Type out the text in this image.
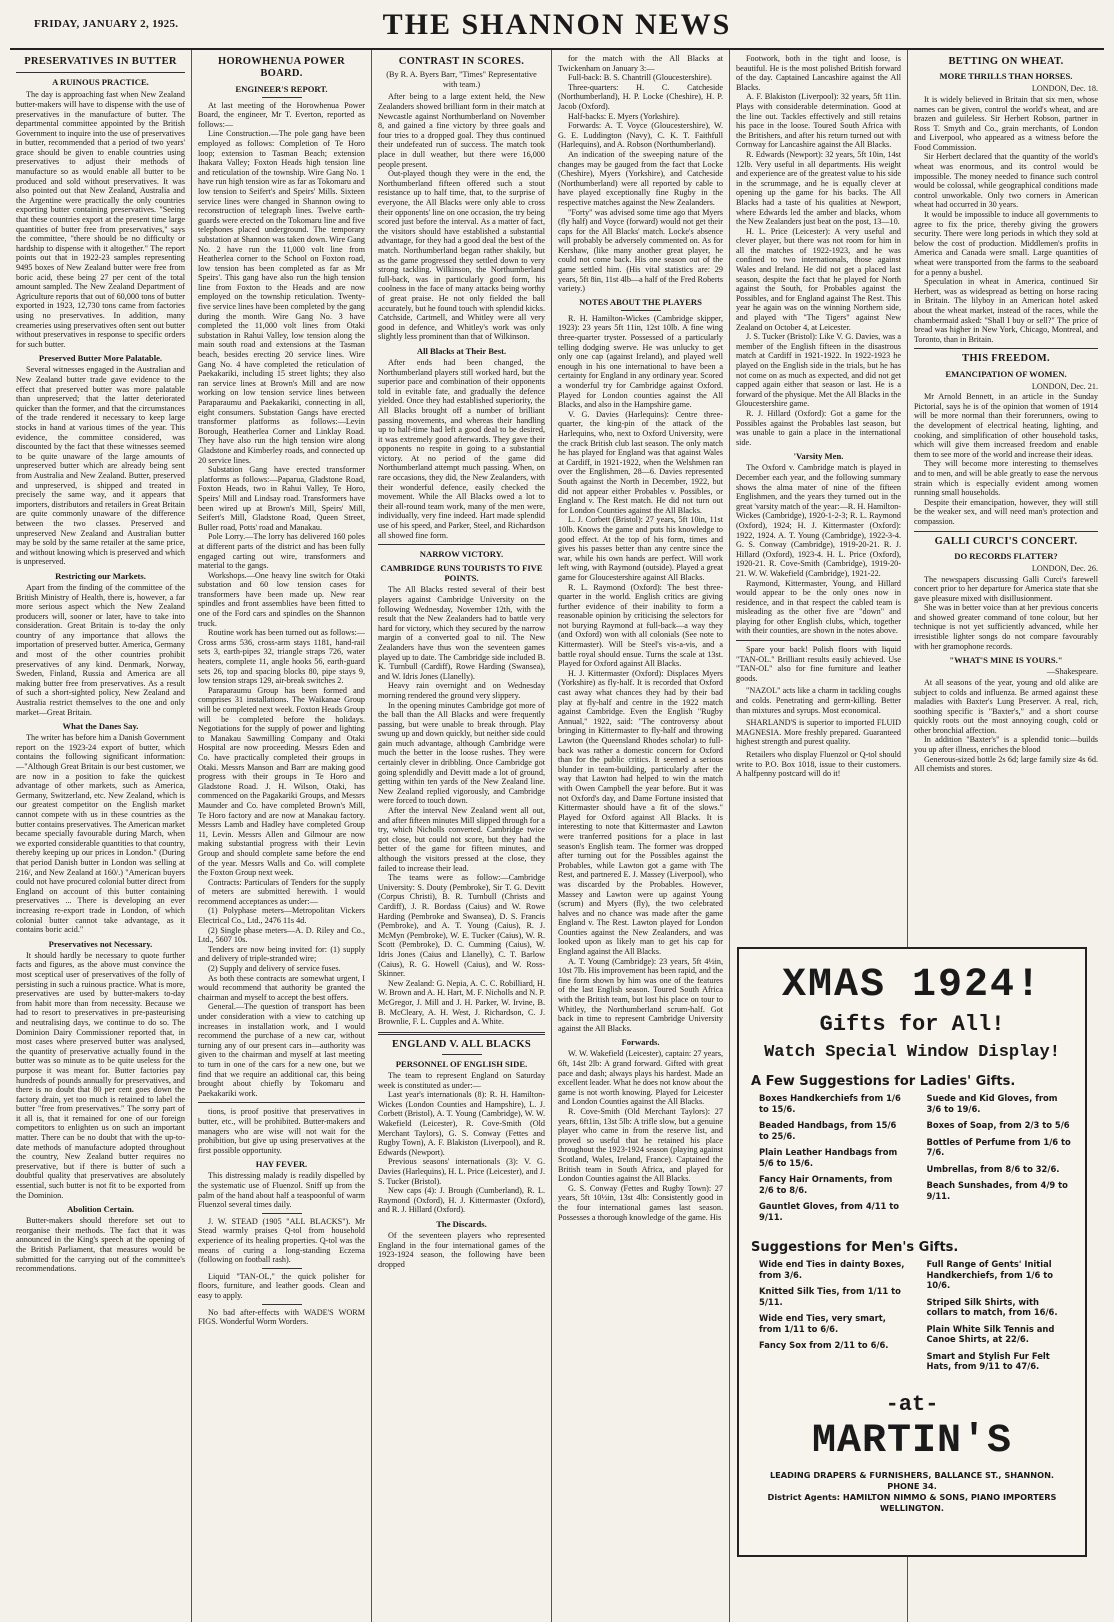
FRIDAY, JANUARY 2, 1925.	THE SHANNON NEWS
PRESERVATIVES IN BUTTER
A RUINOUS PRACTICE.

The day is approaching fast when New Zealand butter-makers will have to dispense with the use of preservatives in the manufacture of butter. The departmental committee appointed by the British Government to inquire into the use of preservatives in butter, recommended that a period of two years' grace should be given to enable countries using preservatives to adjust their methods of manufacture so as would enable all butter to be produced and sold without preservatives. It was also pointed out that New Zealand, Australia and the Argentine were practically the only countries exporting butter containing preservatives. "Seeing that these countries export at the present time large quantities of butter free from preservatives," says the committee, "there should be no difficulty or hardship to dispense with it altogether." The report points out that in 1922-23 samples representing 9495 boxes of New Zealand butter were free from boric acid, these being 27 per cent of the total amount sampled. The New Zealand Department of Agriculture reports that out of 60,000 tons of butter exported in 1923, 12,730 tons came from factories using no preservatives. In addition, many creameries using preservatives often sent out butter without preservatives in response to specific orders for such butter.

Preserved Butter More Palatable.

Several witnesses engaged in the Australian and New Zealand butter trade gave evidence to the effect that preserved butter was more palatable than unpreserved; that the latter deteriorated quicker than the former, and that the circumstances of the trade rendered it necessary to keep large stocks in hand at various times of the year. This evidence, the committee considered, was discounted by the fact that these witnesses seemed to be quite unaware of the large amounts of unpreserved butter which are already being sent from Australia and New Zealand. Butter, preserved and unpreserved, is shipped and treated in precisely the same way, and it appears that importers, distributors and retailers in Great Britain are quite commonly unaware of the difference between the two classes. Preserved and unpreserved New Zealand and Australian butter may be sold by the same retailer at the same price, and without knowing which is preserved and which is unpreserved.

Restricting our Markets.

Apart from the finding of the committee of the British Ministry of Health, there is, however, a far more serious aspect which the New Zealand producers will, sooner or later, have to take into consideration. Great Britain is to-day the only country of any importance that allows the importation of preserved butter. America, Germany and most of the other countries prohibit preservatives of any kind. Denmark, Norway, Sweden, Finland, Russia and America are all making butter free from preservatives. As a result of such a short-sighted policy, New Zealand and Australia restrict themselves to the one and only market—Great Britain.

What the Danes Say.

The writer has before him a Danish Government report on the 1923-24 export of butter, which contains the following significant information:—"Although Great Britain is our best customer, we are now in a position to fake the quickest advantage of other markets, such as America, Germany, Switzerland, etc. New Zealand, which is our greatest competitor on the English market cannot compete with us in these countries as the butter contains preservatives. The American market became specially favourable during March, when we exported considerable quantities to that country, thereby keeping up our prices in London." (During that period Danish butter in London was selling at 216/, and New Zealand at 160/.) "American buyers could not have procured colonial butter direct from England on account of this butter containing preservatives ... There is developing an ever increasing re-export trade in London, of which colonial butter cannot take advantage, as it contains boric acid."

Preservatives not Necessary.

It should hardly be necessary to quote further facts and figures, as the above must convince the most sceptical user of preservatives of the folly of persisting in such a ruinous practice. What is more, preservatives are used by butter-makers to-day from habit more than from necessity. Because we had to resort to preservatives in pre-pasteurising and neutralising days, we continue to do so. The Dominion Dairy Commissioner reported that, in most cases where preserved butter was analysed, the quantity of preservative actually found in the butter was so minute as to be quite useless for the purpose it was meant for. Butter factories pay hundreds of pounds annually for preservatives, and there is no doubt that 80 per cent goes down the factory drain, yet too much is retained to label the butter "free from preservatives." The sorry part of it all is, that it remained for one of our foreign competitors to enlighten us on such an important matter. There can be no doubt that with the up-to-date methods of manufacture adopted throughout the country, New Zealand butter requires no preservative, but if there is butter of such a doubtful quality that preservatives are absolutely essential, such butter is not fit to be exported from the Dominion.

Abolition Certain.

Butter-makers should therefore set out to reorganise their methods. The fact that it was announced in the King's speech at the opening of the British Parliament, that measures would be submitted for the carrying out of the committee's recommendations.

HOROWHENUA POWER BOARD.
ENGINEER'S REPORT.

At last meeting of the Horowhenua Power Board, the engineer, Mr T. Everton, reported as follows:—

Line Construction.—The pole gang have been employed as follows: Completion of Te Horo loop; extension to Tasman Beach; extension Ihakara Valley; Foxton Heads high tension line and reticulation of the township. Wire Gang No. 1 have run high tension wire as far as Tokomaru and low tension to Seifert's and Speirs' Mills. Sixteen service lines were changed in Shannon owing to reconstruction of telegraph lines. Twelve earth-guards were erected on the Tokomaru line and five telephones placed underground. The temporary substation at Shannon was taken down. Wire Gang No. 2 have run the 11,000 volt line from Heatherlea corner to the School on Foxton road, low tension has been completed as far as Mr Speirs'. This gang have also run the high tension line from Foxton to the Heads and are now employed on the township reticulation. Twenty-five service lines have been completed by the gang during the month. Wire Gang No. 3 have completed the 11,000 volt lines from Otaki substation in Rahui Valley, low tension along the main south road and extensions at the Tasman beach, besides erecting 20 service lines. Wire Gang No. 4 have completed the reticulation of Paekakariki, including 15 street lights; they also ran service lines at Brown's Mill and are now working on low tension service lines between Paraparaumu and Paekakariki, connecting in all, eight consumers. Substation Gangs have erected transformer platforms as follows:—Levin Borough, Heatherlea Corner and Linklay Road. They have also run the high tension wire along Gladstone and Kimberley roads, and connected up 20 service lines.

Substation Gang have erected transformer platforms as follows:—Paparua, Gladstone Road, Foxton Heads, two in Rahui Valley, Te Horo, Speirs' Mill and Lindsay road. Transformers have been wired up at Brown's Mill, Speirs' Mill, Seifert's Mill, Gladstone Road, Queen Street, Buller road, Potts' road and Manakau.

Pole Lorry.—The lorry has delivered 160 poles at different parts of the district and has been fully engaged carting out wire, transformers and material to the gangs.

Workshops.—One heavy line switch for Otaki substation and 60 low tension cases for transformers have been made up. New rear spindles and front assemblies have been fitted to one of the Ford cars and spindles on the Shannon truck.

Routine work has been turned out as follows:—Cross arms 536, cross-arm stays 1181, hand-rail sets 3, earth-pipes 32, triangle straps 726, water heaters, complete 11, angle hooks 56, earth-guard sets 26, top and spacing blocks 80, pipe stays 9, low tension straps 129, air-break switches 2.

Paraparaumu Group has been formed and comprises 31 installations. The Waikanae Group will be completed next week. Foxton Heads Group will be completed before the holidays. Negotiations for the supply of power and lighting to Manakau Sawmilling Company and Otaki Hospital are now proceeding. Messrs Eden and Co. have practically completed their groups in Otaki. Messrs Manson and Barr are making good progress with their groups in Te Horo and Gladstone Road. J. H. Wilson, Otaki, has commenced on the Pagakariki Groups, and Messrs Maunder and Co. have completed Brown's Mill, Te Horo factory and are now at Manakau factory. Messrs Lamb and Hadley have completed Group 11, Levin. Messrs Allen and Gilmour are now making substantial progress with their Levin Group and should complete same before the end of the year. Messrs Walls and Co. will complete the Foxton Group next week.

Contracts: Particulars of Tenders for the supply of meters are submitted herewith. I would recommend acceptances as under:—

(1) Polyphase meters—Metropolitan Vickers Electrical Co., Ltd., 2476 11s 4d.

(2) Single phase meters—A. D. Riley and Co., Ltd., 5607 10s.

Tenders are now being invited for: (1) supply and delivery of triple-stranded wire;

(2) Supply and delivery of service fuses.

As both these contracts are somewhat urgent, I would recommend that authority be granted the chairman and myself to accept the best offers.

General.—The question of transport has been under consideration with a view to catching up increases in installation work, and I would recommend the purchase of a new car, without turning any of our present cars in—authority was given to the chairman and myself at last meeting to turn in one of the cars for a new one, but we find that we require an additional car, this being brought about chiefly by Tokomaru and Paekakariki work.

tions, is proof positive that preservatives in butter, etc., will be prohibited. Butter-makers and managers who are wise will not wait for the prohibition, but give up using preservatives at the first possible opportunity.

HAY FEVER.

This distressing malady is readily dispelled by the systematic use of Fluenzol. Sniff up from the palm of the hand about half a teaspoonful of warm Fluenzol several times daily.

J. W. STEAD (1905 "ALL BLACKS"). Mr Stead warmly praises Q-tol from household experience of its healing properties. Q-tol was the means of curing a long-standing Eczema (following on football rash).

Liquid "TAN-OL," the quick polisher for floors, furniture, and leather goods. Clean and easy to apply.

No bad after-effects with WADE'S WORM FIGS. Wonderful Worm Worders.

CONTRAST IN SCORES.
(By R. A. Byers Barr, "Times" Representative with team.)

After being to a large extent held, the New Zealanders showed brilliant form in their match at Newcastle against Northumberland on November 8, and gained a fine victory by three goals and four tries to a dropped goal. They thus continued their undefeated run of success. The match took place in dull weather, but there were 16,000 people present.

Out-played though they were in the end, the Northumberland fifteen offered such a stout resistance up to half time, that, to the surprise of everyone, the All Blacks were only able to cross their opponents' line on one occasion, the try being scored just before the interval. As a matter of fact, the visitors should have established a substantial advantage, for they had a good deal the best of the match. Northumberland began rather shakily, but as the game progressed they settled down to very strong tackling. Wilkinson, the Northumberland full-back, was in particularly good form, his coolness in the face of many attacks being worthy of great praise. He not only fielded the ball accurately, but he found touch with splendid kicks. Catchside, Cartmell, and Whitley were all very good in defence, and Whitley's work was only slightly less prominent than that of Wilkinson.

All Blacks at Their Best.

After ends had been changed, the Northumberland players still worked hard, but the superior pace and combination of their opponents told in evitable fate, and gradually the defence yielded. Once they had established superiority, the All Blacks brought off a number of brilliant passing movements, and whereas their handling up to half-time had left a good deal to be desired, it was extremely good afterwards. They gave their opponents no respite in going to a substantial victory. At no period of the game did Northumberland attempt much passing. When, on rare occasions, they did, the New Zealanders, with their wonderful defence, easily checked the movement. While the All Blacks owed a lot to their all-round team work, many of the men were, individually, very fine indeed. Hart made splendid use of his speed, and Parker, Steel, and Richardson all showed fine form.

NARROW VICTORY.
CAMBRIDGE RUNS TOURISTS TO FIVE POINTS.

The All Blacks rested several of their best players against Cambridge University on the following Wednesday, November 12th, with the result that the New Zealanders had to battle very hard for victory, which they secured by the narrow margin of a converted goal to nil. The New Zealanders have thus won the seventeen games played up to date. The Cambridge side included B. K. Turnbull (Cardiff), Rowe Harding (Swansea), and W. Idris Jones (Llanelly).

Heavy rain overnight and on Wednesday morning rendered the ground very slippery.

In the opening minutes Cambridge got more of the ball than the All Blacks and were frequently passing, but were unable to break through. Play swung up and down quickly, but neither side could gain much advantage, although Cambridge were much the better in the loose rushes. They were certainly clever in dribbling. Once Cambridge got going splendidly and Devitt made a lot of ground, getting within ten yards of the New Zealand line. New Zealand replied vigorously, and Cambridge were forced to touch down.

After the interval New Zealand went all out, and after fifteen minutes Mill slipped through for a try, which Nicholls converted. Cambridge twice got close, but could not score, but they had the better of the game for fifteen minutes, and although the visitors pressed at the close, they failed to increase their lead.

The teams were as follow:—Cambridge University: S. Douty (Pembroke), Sir T. G. Devitt (Corpus Christi), B. R. Turnbull (Christs and Cardiff), J. R. Bordass (Caius) and W. Rowe Harding (Pembroke and Swansea), D. S. Francis (Pembroke), and A. T. Young (Caius), R. J. McMyn (Pembroke), W. E. Tucker (Caius), W. R. Scott (Pembroke), D. C. Cumming (Caius), W. Idris Jones (Caius and Llanelly), C. T. Barlow (Caius), R. G. Howell (Caius), and W. Ross-Skinner.

New Zealand: G. Nepia, A. C. C. Robilliard, H. W. Brown and A. H. Hart, M. F. Nicholls and N. P. McGregor, J. Mill and J. H. Parker, W. Irvine, B. B. McCleary, A. H. West, J. Richardson, C. J. Brownlie, F. L. Cupples and A. White.

ENGLAND V. ALL BLACKS
PERSONNEL OF ENGLISH SIDE.

The team to represent England on Saturday week is constituted as under:—

Last year's internationals (8): R. H. Hamilton-Wickes (London Counties and Hampshire), L. J. Corbett (Bristol), A. T. Young (Cambridge), W. W. Wakefield (Leicester), R. Cove-Smith (Old Merchant Taylors), G. S. Conway (Fettes and Rugby Town), A. F. Blakiston (Liverpool), and R. Edwards (Newport).

Previous seasons' internationals (3): V. G. Davies (Harlequins), H. L. Price (Leicester), and J. S. Tucker (Bristol).

New caps (4): J. Brough (Cumberland), R. L. Raymond (Oxford), H. J. Kittermaster (Oxford), and R. J. Hillard (Oxford).

The Discards.

Of the seventeen players who represented England in the four international games of the 1923-1924 season, the following have been dropped

for the match with the All Blacks at Twickenham on January 3:—

Full-back: B. S. Chantrill (Gloucestershire).

Three-quarters: H. C. Catcheside (Northumberland), H. P. Locke (Cheshire), H. P. Jacob (Oxford).

Half-backs: E. Myers (Yorkshire).

Forwards: A. T. Voyce (Gloucestershire), W. G. E. Luddington (Navy), C. K. T. Faithfull (Harlequins), and A. Robson (Northumberland).

An indication of the sweeping nature of the changes may be gauged from the fact that Locke (Cheshire), Myers (Yorkshire), and Catcheside (Northumberland) were all reported by cable to have played exceptionally fine Rugby in the respective matches against the New Zealanders.

"Forty" was advised some time ago that Myers (fly half) and Voyce (forward) would not get their caps for the All Blacks' match. Locke's absence will probably be adversely commented on. As for Kershaw, (like many another great player, he could not come back. His one season out of the game settled him. (His vital statistics are: 29 years, 5ft 8in, 11st 4lb—a half of the Fred Roberts variety.)

NOTES ABOUT THE PLAYERS

R. H. Hamilton-Wickes (Cambridge skipper, 1923): 23 years 5ft 11in, 12st 10lb. A fine wing three-quarter tryster. Possessed of a particularly telling dodging swerve. He was unlucky to get only one cap (against Ireland), and played well enough in his one international to have been a certainty for England in any ordinary year. Scored a wonderful try for Cambridge against Oxford. Played for London counties against the All Blacks, and also in the Hampshire game.

V. G. Davies (Harlequins): Centre three-quarter, the king-pin of the attack of the Harlequins, who, next to Oxford University, were the crack British club last season. The only match he has played for England was that against Wales at Cardiff, in 1921-1922, when the Welshmen ran over the Englishmen, 28—6. Davies represented South against the North in December, 1922, but did not appear either Probables v. Possibles, or England v. The Rest match. He did not turn out for London Counties against the All Blacks.

L. J. Corbett (Bristol): 27 years, 5ft 10in, 11st 10lb. Knows the game and puts his knowledge to good effect. At the top of his form, times and gives his passes better than any centre since the war, while his own hands are perfect. Will work left wing, with Raymond (outside). Played a great game for Gloucestershire against All Blacks.

R. L. Raymond (Oxford): The best three-quarter in the world. English critics are giving further evidence of their inability to form a reasonable opinion by criticising the selectors for not burying Raymond at full-back—a way they (and Oxford) won with all colonials (See note to Kittermaster). Will be Steel's vis-a-vis, and a battle royal should ensue. Turns the scale at 13st. Played for Oxford against All Blacks.

H. J. Kittermaster (Oxford): Displaces Myers (Yorkshire) as fly-half. It is recorded that Oxford cast away what chances they had by their bad play at fly-half and centre in the 1922 match against Cambridge. Even the English "Rugby Annual," 1922, said: "The controversy about bringing in Kittermaster to fly-half and throwing Lawton (the Queensland Rhodes scholar) to full-back was rather a domestic concern for Oxford than for the public critics. It seemed a serious blunder in team-building, particularly after the way that Lawton had helped to win the match with Owen Campbell the year before. But it was not Oxford's day, and Dame Fortune insisted that Kittermaster should have a fit of the slows." Played for Oxford against All Blacks. It is interesting to note that Kittermaster and Lawton were tranferred positions for a place in last season's English team. The former was dropped after turning out for the Possibles against the Probables, while Lawton got a game with The Rest, and partnered E. J. Massey (Liverpool), who was discarded by the Probables. However, Massey and Lawton were up against Young (scrum) and Myers (fly), the two celebrated halves and no chance was made after the game England v. The Rest. Lawton played for London Counties against the New Zealanders, and was looked upon as likely man to get his cap for England against the All Blacks.

A. T. Young (Cambridge): 23 years, 5ft 4½in, 10st 7lb. His improvement has been rapid, and the fine form shown by him was one of the features of the last English season. Toured South Africa with the British team, but lost his place on tour to Whitley, the Northumberland scrum-half. Got back in time to represent Cambridge University against the All Blacks.

Forwards.

W. W. Wakefield (Leicester), captain: 27 years, 6ft, 14st 2lb: A grand forward. Gifted with great pace and dash; always plays his hardest. Made an excellent leader. What he does not know about the game is not worth knowing. Played for Leicester and London Counties against the All Blacks.

R. Cove-Smith (Old Merchant Taylors): 27 years, 6ft1in, 13st 5lb: A trifle slow, but a genuine player who came in from the reserve list, and proved so useful that he retained his place throughout the 1923-1924 season (playing against Scotland, Wales, Ireland, France). Captained the British team in South Africa, and played for London Counties against the All Blacks.

G. S. Conway (Fettes and Rugby Town): 27 years, 5ft 10½in, 13st 4lb: Consistently good in the four international games last season. Possesses a thorough knowledge of the game. His

Footwork, both in the tight and loose, is beautiful. He is the most polished British forward of the day. Captained Lancashire against the All Blacks.

A. F. Blakiston (Liverpool): 32 years, 5ft 11in. Plays with considerable determination. Good at the line out. Tackles effectively and still retains his pace in the loose. Toured South Africa with the Britishers, and after his return turned out with Cornway for Lancashire against the All Blacks.

R. Edwards (Newport): 32 years, 5ft 10in, 14st 12lb. Very useful in all departments. His weight and experience are of the greatest value to his side in the scrummage, and he is equally clever at opening up the game for his backs. The All Blacks had a taste of his qualities at Newport, where Edwards led the amber and blacks, whom the New Zealanders just beat on the post, 13—10.

H. L. Price (Leicester): A very useful and clever player, but there was not room for him in all the matches of 1922-1923, and he was confined to two internationals, those against Wales and Ireland. He did not get a placed last season, despite the fact that he played for North against the South, for Probables against the Possibles, and for England against The Rest. This year he again was on the winning Northern side, and played with "The Tigers" against New Zealand on October 4, at Leicester.

J. S. Tucker (Bristol): Like V. G. Davies, was a member of the English fifteen in the disastrous match at Cardiff in 1921-1922. In 1922-1923 he played on the English side in the trials, but he has not come on as much as expected, and did not get capped again either that season or last. He is a forward of the physique. Met the All Blacks in the Gloucestershire game.

R. J. Hillard (Oxford): Got a game for the Possibles against the Probables last season, but was unable to gain a place in the international side.

'Varsity Men.

The Oxford v. Cambridge match is played in December each year, and the following summary shows the alma mater of nine of the fifteen Englishmen, and the years they turned out in the great 'varsity match of the year:—R. H. Hamilton-Wickes (Cambridge), 1920-1-2-3; R. L. Raymond (Oxford), 1924; H. J. Kittermaster (Oxford): 1922, 1924. A. T. Young (Cambridge), 1922-3-4. G. S. Conway (Cambridge), 1919-20-21. R. J. Hillard (Oxford), 1923-4. H. L. Price (Oxford), 1920-21. R. Cove-Smith (Cambridge), 1919-20-21. W. W. Wakefield (Cambridge), 1921-22.

Raymond, Kittermaster, Young, and Hillard would appear to be the only ones now in residence, and in that respect the cabled team is misleading as the other five are "down" and playing for other English clubs, which, together with their counties, are shown in the notes above.

Spare your back! Polish floors with liquid "TAN-OL." Brilliant results easily achieved. Use "TAN-OL" also for fine furniture and leather goods.

"NAZOL" acts like a charm in tackling coughs and colds. Penetrating and germ-killing. Better than mixtures and syrups. Most economical.

SHARLAND'S is superior to imported FLUID MAGNESIA. More freshly prepared. Guaranteed highest strength and purest quality.

Retailers who display Fluenzol or Q-tol should write to P.O. Box 1018, issue to their customers. A halfpenny postcard will do it!

BETTING ON WHEAT.
MORE THRILLS THAN HORSES.
LONDON, Dec. 18.

It is widely believed in Britain that six men, whose names can be given, control the world's wheat, and are brazen and guileless. Sir Herbert Robson, partner in Ross T. Smyth and Co., grain merchants, of London and Liverpool, who appeared as a witness before the Food Commission.

Sir Herbert declared that the quantity of the world's wheat was enormous, and its control would be impossible. The money needed to finance such control would be colossal, while geographical conditions made control unworkable. Only two corners in American wheat had occurred in 30 years.

It would be impossible to induce all governments to agree to fix the price, thereby giving the growers security. There were long periods in which they sold at below the cost of production. Middlemen's profits in America and Canada were small. Large quantities of wheat were transported from the farms to the seaboard for a penny a bushel.

Speculation in wheat in America, continued Sir Herbert, was as widespread as betting on horse racing in Britain. The lilyboy in an American hotel asked about the wheat market, instead of the races, while the chambermaid asked: "Shall I buy or sell?" The price of bread was higher in New York, Chicago, Montreal, and Toronto, than in Britain.

THIS FREEDOM.
EMANCIPATION OF WOMEN.
LONDON, Dec. 21.

Mr Arnold Bennett, in an article in the Sunday Pictorial, says he is of the opinion that women of 1914 will be more normal than their forerunners, owing to the development of electrical heating, lighting, and cooking, and simplification of other household tasks, which will give them increased freedom and enable them to see more of the world and increase their ideas.

They will become more interesting to themselves and to men, and will be able greatly to ease the nervous strain which is especially evident among women running small households.

Despite their emancipation, however, they will still be the weaker sex, and will need man's protection and compassion.

GALLI CURCI'S CONCERT.
DO RECORDS FLATTER?
LONDON, Dec. 26.

The newspapers discussing Galli Curci's farewell concert prior to her departure for America state that she gave pleasure mixed with disillusionment.

She was in better voice than at her previous concerts and showed greater command of tone colour, but her technique is not yet sufficiently advanced, while her irresistible lighter songs do not compare favourably with her gramophone records.

"WHAT'S MINE IS YOURS."
—Shakespeare.

At all seasons of the year, young and old alike are subject to colds and influenza. Be armed against these maladies with Baxter's Lung Preserver. A real, rich, soothing specific is "Baxter's," and a short course quickly roots out the most annoying cough, cold or other bronchial affection.

In addition "Baxter's" is a splendid tonic—builds you up after illness, enriches the blood

Generous-sized bottle 2s 6d; large family size 4s 6d. All chemists and stores.

XMAS 1924!
Gifts for All!
Watch Special Window Display!
A Few Suggestions for Ladies' Gifts.
Boxes Handkerchiefs from 1/6 to 15/6.
Beaded Handbags, from 15/6 to 25/6.
Plain Leather Handbags from 5/6 to 15/6.
Fancy Hair Ornaments, from 2/6 to 8/6.
Gauntlet Gloves, from 4/11 to 9/11.
Suede and Kid Gloves, from 3/6 to 19/6.
Boxes of Soap, from 2/3 to 5/6
Bottles of Perfume from 1/6 to 7/6.
Umbrellas, from 8/6 to 32/6.
Beach Sunshades, from 4/9 to 9/11.
Suggestions for Men's Gifts.
Wide end Ties in dainty Boxes, from 3/6.
Knitted Silk Ties, from 1/11 to 5/11.
Wide end Ties, very smart, from 1/11 to 6/6.
Fancy Sox from 2/11 to 6/6.
Full Range of Gents' Initial Handkerchiefs, from 1/6 to 10/6.
Striped Silk Shirts, with collars to match, from 16/6.
Plain White Silk Tennis and Canoe Shirts, at 22/6.
Smart and Stylish Fur Felt Hats, from 9/11 to 47/6.
-at-
MARTIN'S
LEADING DRAPERS & FURNISHERS, BALLANCE ST., SHANNON.
PHONE 34.
District Agents: HAMILTON NIMMO & SONS, PIANO IMPORTERS WELLINGTON.
